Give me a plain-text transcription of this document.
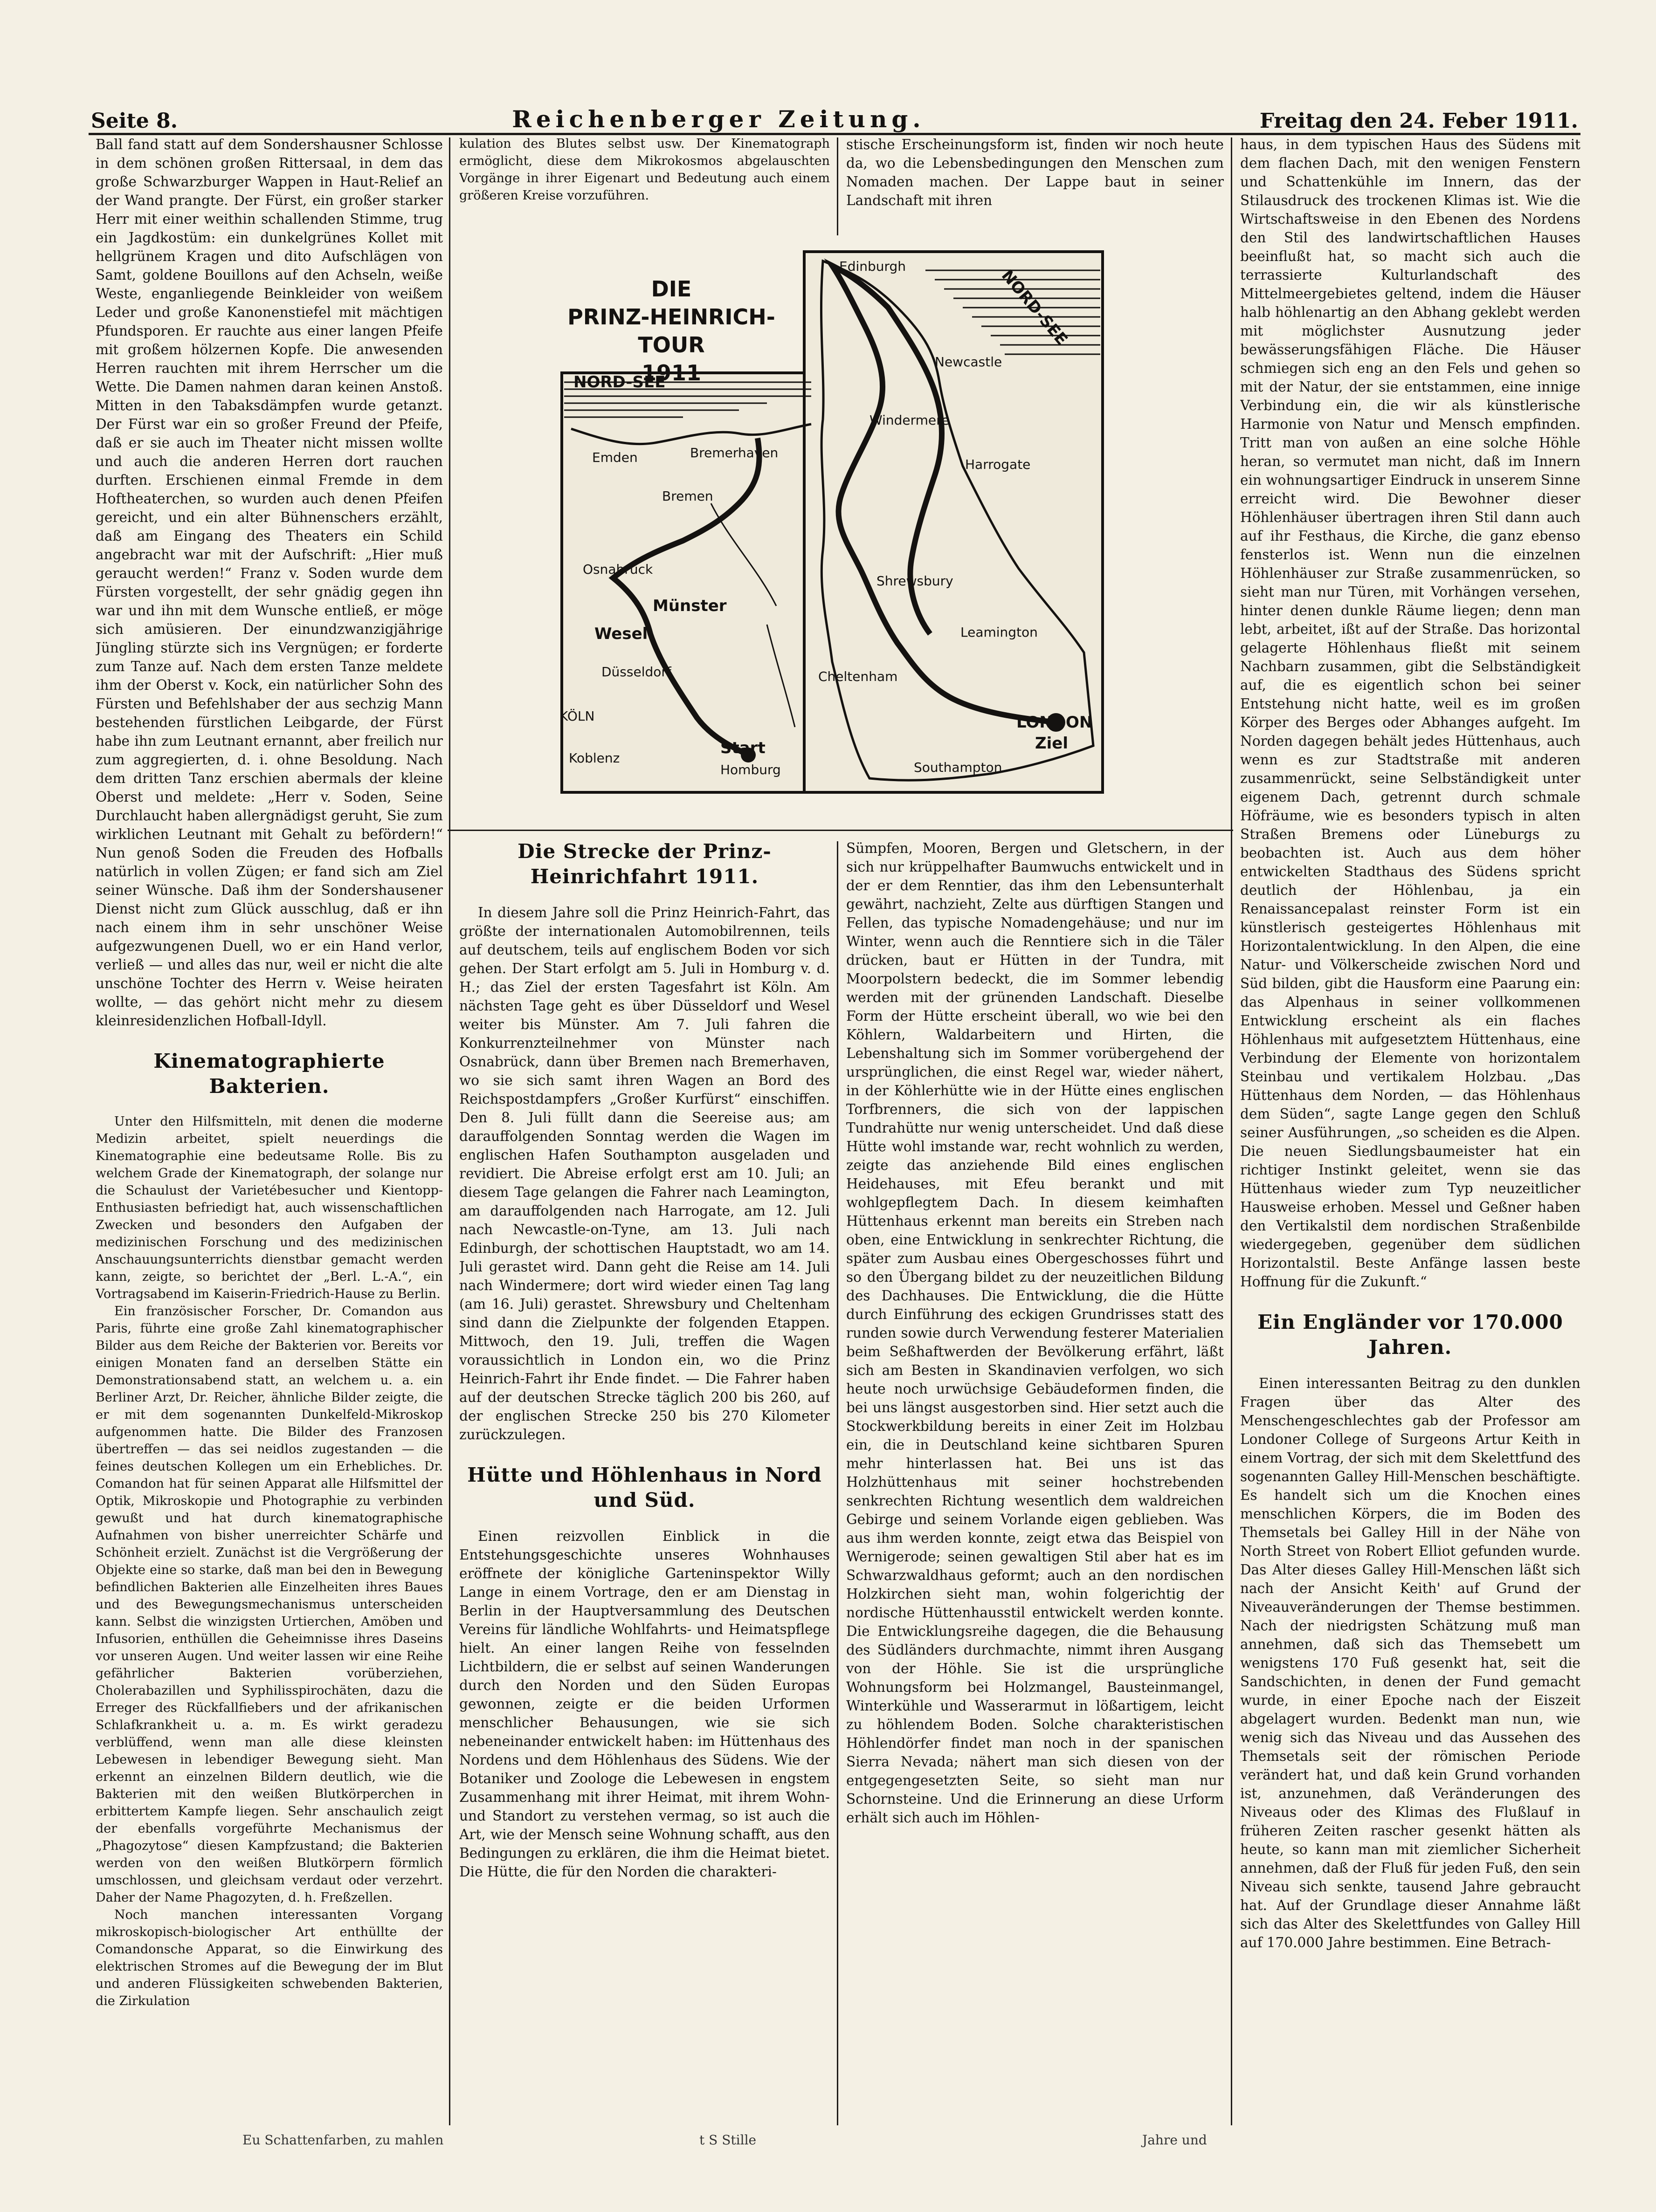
Seite 8.	Reichenberger Zeitung.	Freitag den 24. Feber 1911.

Ball fand statt auf dem Sondershausner Schlosse in dem schönen großen Rittersaal, in dem das große Schwarzburger Wappen in Haut-Relief an der Wand prangte. Der Fürst, ein großer starker Herr mit einer weithin schallenden Stimme, trug ein Jagdkostüm: ein dunkelgrünes Kollet mit hellgrünem Kragen und dito Aufschlägen von Samt, goldene Bouillons auf den Achseln, weiße Weste, enganliegende Beinkleider von weißem Leder und große Kanonenstiefel mit mächtigen Pfundsporen. Er rauchte aus einer langen Pfeife mit großem hölzernen Kopfe. Die anwesenden Herren rauchten mit ihrem Herrscher um die Wette. Die Damen nahmen daran keinen Anstoß. Mitten in den Tabaksdämpfen wurde getanzt. Der Fürst war ein so großer Freund der Pfeife, daß er sie auch im Theater nicht missen wollte und auch die anderen Herren dort rauchen durften. Erschienen einmal Fremde in dem Hoftheaterchen, so wurden auch denen Pfeifen gereicht, und ein alter Bühnenschers erzählt, daß am Eingang des Theaters ein Schild angebracht war mit der Aufschrift: „Hier muß geraucht werden!“ Franz v. Soden wurde dem Fürsten vorgestellt, der sehr gnädig gegen ihn war und ihn mit dem Wunsche entließ, er möge sich amüsieren. Der einundzwanzigjährige Jüngling stürzte sich ins Vergnügen; er forderte zum Tanze auf. Nach dem ersten Tanze meldete ihm der Oberst v. Kock, ein natürlicher Sohn des Fürsten und Befehlshaber der aus sechzig Mann bestehenden fürstlichen Leibgarde, der Fürst habe ihn zum Leutnant ernannt, aber freilich nur zum aggregierten, d. i. ohne Besoldung. Nach dem dritten Tanz erschien abermals der kleine Oberst und meldete: „Herr v. Soden, Seine Durchlaucht haben allergnädigst geruht, Sie zum wirklichen Leutnant mit Gehalt zu befördern!“ Nun genoß Soden die Freuden des Hofballs natürlich in vollen Zügen; er fand sich am Ziel seiner Wünsche. Daß ihm der Sondershausener Dienst nicht zum Glück ausschlug, daß er ihn nach einem ihm in sehr unschöner Weise aufgezwungenen Duell, wo er ein Hand verlor, verließ — und alles das nur, weil er nicht die alte unschöne Tochter des Herrn v. Weise heiraten wollte, — das gehört nicht mehr zu diesem kleinresidenzlichen Hofball-Idyll.

Kinematographierte Bakterien.

Unter den Hilfsmitteln, mit denen die moderne Medizin arbeitet, spielt neuerdings die Kinematographie eine bedeutsame Rolle. Bis zu welchem Grade der Kinematograph, der solange nur die Schaulust der Varietébesucher und Kientopp-Enthusiasten befriedigt hat, auch wissenschaftlichen Zwecken und besonders den Aufgaben der medizinischen Forschung und des medizinischen Anschauungsunterrichts dienstbar gemacht werden kann, zeigte, so berichtet der „Berl. L.-A.“, ein Vortragsabend im Kaiserin-Friedrich-Hause zu Berlin.

Ein französischer Forscher, Dr. Comandon aus Paris, führte eine große Zahl kinematographischer Bilder aus dem Reiche der Bakterien vor. Bereits vor einigen Monaten fand an derselben Stätte ein Demonstrationsabend statt, an welchem u. a. ein Berliner Arzt, Dr. Reicher, ähnliche Bilder zeigte, die er mit dem sogenannten Dunkelfeld-Mikroskop aufgenommen hatte. Die Bilder des Franzosen übertreffen — das sei neidlos zugestanden — die feines deutschen Kollegen um ein Erhebliches. Dr. Comandon hat für seinen Apparat alle Hilfsmittel der Optik, Mikroskopie und Photographie zu verbinden gewußt und hat durch kinematographische Aufnahmen von bisher unerreichter Schärfe und Schönheit erzielt. Zunächst ist die Vergrößerung der Objekte eine so starke, daß man bei den in Bewegung befindlichen Bakterien alle Einzelheiten ihres Baues und des Bewegungsmechanismus unterscheiden kann. Selbst die winzigsten Urtierchen, Amöben und Infusorien, enthüllen die Geheimnisse ihres Daseins vor unseren Augen. Und weiter lassen wir eine Reihe gefährlicher Bakterien vorüberziehen, Cholerabazillen und Syphilisspirochäten, dazu die Erreger des Rückfallfiebers und der afrikanischen Schlafkrankheit u. a. m. Es wirkt geradezu verblüffend, wenn man alle diese kleinsten Lebewesen in lebendiger Bewegung sieht. Man erkennt an einzelnen Bildern deutlich, wie die Bakterien mit den weißen Blutkörperchen in erbittertem Kampfe liegen. Sehr anschaulich zeigt der ebenfalls vorgeführte Mechanismus der „Phagozytose“ diesen Kampfzustand; die Bakterien werden von den weißen Blutkörpern förmlich umschlossen, und gleichsam verdaut oder verzehrt. Daher der Name Phagozyten, d. h. Freßzellen.

Noch manchen interessanten Vorgang mikroskopisch-biologischer Art enthüllte der Comandonsche Apparat, so die Einwirkung des elektrischen Stromes auf die Bewegung der im Blut und anderen Flüssigkeiten schwebenden Bakterien, die Zirkulation

kulation des Blutes selbst usw. Der Kinematograph ermöglicht, diese dem Mikrokosmos abgelauschten Vorgänge in ihrer Eigenart und Bedeutung auch einem größeren Kreise vorzuführen.

stische Erscheinungsform ist, finden wir noch heute da, wo die Lebensbedingungen den Menschen zum Nomaden machen. Der Lappe baut in seiner Landschaft mit ihren

DIE
PRINZ-HEINRICH-TOUR
1911
NORD-SEE
NORD-SEE
Emden	Bremerhaven
Bremen
Osnabrück
Münster
Wesel
Düsseldorf
KÖLN
Koblenz
Start
Homburg
Edinburgh
Newcastle
Windermere
Harrogate
Shrewsbury
Leamington
Cheltenham
LONDON
Ziel
Southampton
Die Strecke der Prinz-Heinrichfahrt 1911.

In diesem Jahre soll die Prinz Heinrich-Fahrt, das größte der internationalen Automobilrennen, teils auf deutschem, teils auf englischem Boden vor sich gehen. Der Start erfolgt am 5. Juli in Homburg v. d. H.; das Ziel der ersten Tagesfahrt ist Köln. Am nächsten Tage geht es über Düsseldorf und Wesel weiter bis Münster. Am 7. Juli fahren die Konkurrenzteilnehmer von Münster nach Osnabrück, dann über Bremen nach Bremerhaven, wo sie sich samt ihren Wagen an Bord des Reichspostdampfers „Großer Kurfürst“ einschiffen. Den 8. Juli füllt dann die Seereise aus; am darauffolgenden Sonntag werden die Wagen im englischen Hafen Southampton ausgeladen und revidiert. Die Abreise erfolgt erst am 10. Juli; an diesem Tage gelangen die Fahrer nach Leamington, am darauffolgenden nach Harrogate, am 12. Juli nach Newcastle-on-Tyne, am 13. Juli nach Edinburgh, der schottischen Hauptstadt, wo am 14. Juli gerastet wird. Dann geht die Reise am 14. Juli nach Windermere; dort wird wieder einen Tag lang (am 16. Juli) gerastet. Shrewsbury und Cheltenham sind dann die Zielpunkte der folgenden Etappen. Mittwoch, den 19. Juli, treffen die Wagen voraussichtlich in London ein, wo die Prinz Heinrich-Fahrt ihr Ende findet. — Die Fahrer haben auf der deutschen Strecke täglich 200 bis 260, auf der englischen Strecke 250 bis 270 Kilometer zurückzulegen.

Hütte und Höhlenhaus in Nord und Süd.

Einen reizvollen Einblick in die Entstehungsgeschichte unseres Wohnhauses eröffnete der königliche Garteninspektor Willy Lange in einem Vortrage, den er am Dienstag in Berlin in der Hauptversammlung des Deutschen Vereins für ländliche Wohlfahrts- und Heimatspflege hielt. An einer langen Reihe von fesselnden Lichtbildern, die er selbst auf seinen Wanderungen durch den Norden und den Süden Europas gewonnen, zeigte er die beiden Urformen menschlicher Behausungen, wie sie sich nebeneinander entwickelt haben: im Hüttenhaus des Nordens und dem Höhlenhaus des Südens. Wie der Botaniker und Zoologe die Lebewesen in engstem Zusammenhang mit ihrer Heimat, mit ihrem Wohn- und Standort zu verstehen vermag, so ist auch die Art, wie der Mensch seine Wohnung schafft, aus den Bedingungen zu erklären, die ihm die Heimat bietet. Die Hütte, die für den Norden die charakteri-

Sümpfen, Mooren, Bergen und Gletschern, in der sich nur krüppelhafter Baumwuchs entwickelt und in der er dem Renntier, das ihm den Lebensunterhalt gewährt, nachzieht, Zelte aus dürftigen Stangen und Fellen, das typische Nomadengehäuse; und nur im Winter, wenn auch die Renntiere sich in die Täler drücken, baut er Hütten in der Tundra, mit Moorpolstern bedeckt, die im Sommer lebendig werden mit der grünenden Landschaft. Dieselbe Form der Hütte erscheint überall, wo wie bei den Köhlern, Waldarbeitern und Hirten, die Lebenshaltung sich im Sommer vorübergehend der ursprünglichen, die einst Regel war, wieder nähert, in der Köhlerhütte wie in der Hütte eines englischen Torfbrenners, die sich von der lappischen Tundrahütte nur wenig unterscheidet. Und daß diese Hütte wohl imstande war, recht wohnlich zu werden, zeigte das anziehende Bild eines englischen Heidehauses, mit Efeu berankt und mit wohlgepflegtem Dach. In diesem keimhaften Hüttenhaus erkennt man bereits ein Streben nach oben, eine Entwicklung in senkrechter Richtung, die später zum Ausbau eines Obergeschosses führt und so den Übergang bildet zu der neuzeitlichen Bildung des Dachhauses. Die Entwicklung, die die Hütte durch Einführung des eckigen Grundrisses statt des runden sowie durch Verwendung festerer Materialien beim Seßhaftwerden der Bevölkerung erfährt, läßt sich am Besten in Skandinavien verfolgen, wo sich heute noch urwüchsige Gebäudeformen finden, die bei uns längst ausgestorben sind. Hier setzt auch die Stockwerkbildung bereits in einer Zeit im Holzbau ein, die in Deutschland keine sichtbaren Spuren mehr hinterlassen hat. Bei uns ist das Holzhüttenhaus mit seiner hochstrebenden senkrechten Richtung wesentlich dem waldreichen Gebirge und seinem Vorlande eigen geblieben. Was aus ihm werden konnte, zeigt etwa das Beispiel von Wernigerode; seinen gewaltigen Stil aber hat es im Schwarzwaldhaus geformt; auch an den nordischen Holzkirchen sieht man, wohin folgerichtig der nordische Hüttenhausstil entwickelt werden konnte. Die Entwicklungsreihe dagegen, die die Behausung des Südländers durchmachte, nimmt ihren Ausgang von der Höhle. Sie ist die ursprüngliche Wohnungsform bei Holzmangel, Bausteinmangel, Winterkühle und Wasserarmut in lößartigem, leicht zu höhlendem Boden. Solche charakteristischen Höhlendörfer findet man noch in der spanischen Sierra Nevada; nähert man sich diesen von der entgegengesetzten Seite, so sieht man nur Schornsteine. Und die Erinnerung an diese Urform erhält sich auch im Höhlen-

haus, in dem typischen Haus des Südens mit dem flachen Dach, mit den wenigen Fenstern und Schattenkühle im Innern, das der Stilausdruck des trockenen Klimas ist. Wie die Wirtschaftsweise in den Ebenen des Nordens den Stil des landwirtschaftlichen Hauses beeinflußt hat, so macht sich auch die terrassierte Kulturlandschaft des Mittelmeergebietes geltend, indem die Häuser halb höhlenartig an den Abhang geklebt werden mit möglichster Ausnutzung jeder bewässerungsfähigen Fläche. Die Häuser schmiegen sich eng an den Fels und gehen so mit der Natur, der sie entstammen, eine innige Verbindung ein, die wir als künstlerische Harmonie von Natur und Mensch empfinden. Tritt man von außen an eine solche Höhle heran, so vermutet man nicht, daß im Innern ein wohnungsartiger Eindruck in unserem Sinne erreicht wird. Die Bewohner dieser Höhlenhäuser übertragen ihren Stil dann auch auf ihr Festhaus, die Kirche, die ganz ebenso fensterlos ist. Wenn nun die einzelnen Höhlenhäuser zur Straße zusammenrücken, so sieht man nur Türen, mit Vorhängen versehen, hinter denen dunkle Räume liegen; denn man lebt, arbeitet, ißt auf der Straße. Das horizontal gelagerte Höhlenhaus fließt mit seinem Nachbarn zusammen, gibt die Selbständigkeit auf, die es eigentlich schon bei seiner Entstehung nicht hatte, weil es im großen Körper des Berges oder Abhanges aufgeht. Im Norden dagegen behält jedes Hüttenhaus, auch wenn es zur Stadtstraße mit anderen zusammenrückt, seine Selbständigkeit unter eigenem Dach, getrennt durch schmale Höfräume, wie es besonders typisch in alten Straßen Bremens oder Lüneburgs zu beobachten ist. Auch aus dem höher entwickelten Stadthaus des Südens spricht deutlich der Höhlenbau, ja ein Renaissancepalast reinster Form ist ein künstlerisch gesteigertes Höhlenhaus mit Horizontalentwicklung. In den Alpen, die eine Natur- und Völkerscheide zwischen Nord und Süd bilden, gibt die Hausform eine Paarung ein: das Alpenhaus in seiner vollkommenen Entwicklung erscheint als ein flaches Höhlenhaus mit aufgesetztem Hüttenhaus, eine Verbindung der Elemente von horizontalem Steinbau und vertikalem Holzbau. „Das Hüttenhaus dem Norden, — das Höhlenhaus dem Süden“, sagte Lange gegen den Schluß seiner Ausführungen, „so scheiden es die Alpen. Die neuen Siedlungsbaumeister hat ein richtiger Instinkt geleitet, wenn sie das Hüttenhaus wieder zum Typ neuzeitlicher Hausweise erhoben. Messel und Geßner haben den Vertikalstil dem nordischen Straßenbilde wiedergegeben, gegenüber dem südlichen Horizontalstil. Beste Anfänge lassen beste Hoffnung für die Zukunft.“

Ein Engländer vor 170.000 Jahren.

Einen interessanten Beitrag zu den dunklen Fragen über das Alter des Menschengeschlechtes gab der Professor am Londoner College of Surgeons Artur Keith in einem Vortrag, der sich mit dem Skelettfund des sogenannten Galley Hill-Menschen beschäftigte. Es handelt sich um die Knochen eines menschlichen Körpers, die im Boden des Themsetals bei Galley Hill in der Nähe von North Street von Robert Elliot gefunden wurde. Das Alter dieses Galley Hill-Menschen läßt sich nach der Ansicht Keith' auf Grund der Niveauveränderungen der Themse bestimmen. Nach der niedrigsten Schätzung muß man annehmen, daß sich das Themsebett um wenigstens 170 Fuß gesenkt hat, seit die Sandschichten, in denen der Fund gemacht wurde, in einer Epoche nach der Eiszeit abgelagert wurden. Bedenkt man nun, wie wenig sich das Niveau und das Aussehen des Themsetals seit der römischen Periode verändert hat, und daß kein Grund vorhanden ist, anzunehmen, daß Veränderungen des Niveaus oder des Klimas des Flußlauf in früheren Zeiten rascher gesenkt hätten als heute, so kann man mit ziemlicher Sicherheit annehmen, daß der Fluß für jeden Fuß, den sein Niveau sich senkte, tausend Jahre gebraucht hat. Auf der Grundlage dieser Annahme läßt sich das Alter des Skelettfundes von Galley Hill auf 170.000 Jahre bestimmen. Eine Betrach-

Eu Schattenfarben, zu mahlen	t S Stille	Jahre und
